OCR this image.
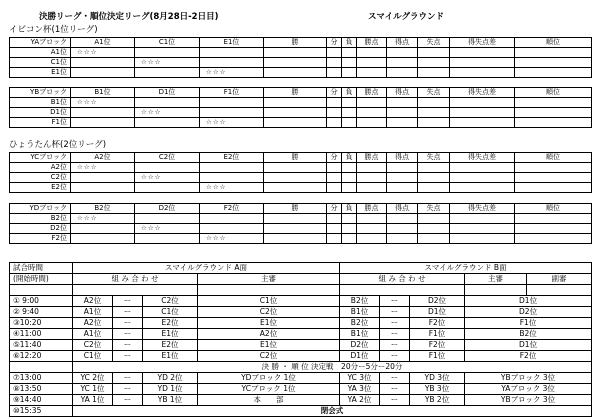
決勝リーグ・順位決定リーグ(8月28日-2日目)	スマイルグラウンド
イビコン杯(1位リーグ)
YAブロック	A1位	C1位	E1位	勝	分	負	勝点	得点	失点	得失点差	順位
A1位	☆☆☆										
C1位		☆☆☆									
E1位			☆☆☆								
YBブロック	B1位	D1位	F1位	勝	分	負	勝点	得点	失点	得失点差	順位
B1位	☆☆☆										
D1位		☆☆☆									
F1位			☆☆☆								
ひょうたん杯(2位リーグ)
YCブロック	A2位	C2位	E2位	勝	分	負	勝点	得点	失点	得失点差	順位
A2位	☆☆☆										
C2位		☆☆☆									
E2位			☆☆☆								
YDブロック	B2位	D2位	F2位	勝	分	負	勝点	得点	失点	得失点差	順位
B2位	☆☆☆										
D2位		☆☆☆									
F2位			☆☆☆								
試合時間	スマイルグラウンド A面				スマイルグラウンド B面				
(開始時間)	組 み 合 わ せ			主審	組 み 合 わ せ			主審	副審

① 9:00	A2位	ー	C2位	C1位	B2位	ー	D2位	D1位	
② 9:40	A1位	ー	C1位	C2位	B1位	ー	D1位	D2位	
③10:20	A2位	ー	E2位	E1位	B2位	ー	F2位	F1位	
④11:00	A1位	ー	E1位	A2位	B1位	ー	F1位	B2位	
⑤11:40	C2位	ー	E2位	E1位	D2位	ー	F2位	D1位	
⑥12:20	C1位	ー	E1位	C2位	D1位	ー	F1位	F2位	
	決 勝 ・ 順 位 決定戦　20分ー5分ー20分								
⑦13:00	YC 2位	ー	YD 2位	YDブロック 1位	YC 3位	ー	YD 3位	YBブロック 3位	
⑧13:50	YC 1位	ー	YD 1位	YCブロック 1位	YA 3位	ー	YB 3位	YAブロック 3位	
⑨14:40	YA 1位	ー	YB 1位	本　　部	YA 2位	ー	YB 2位	YBブロック 3位	
⑩15:35	閉会式								
